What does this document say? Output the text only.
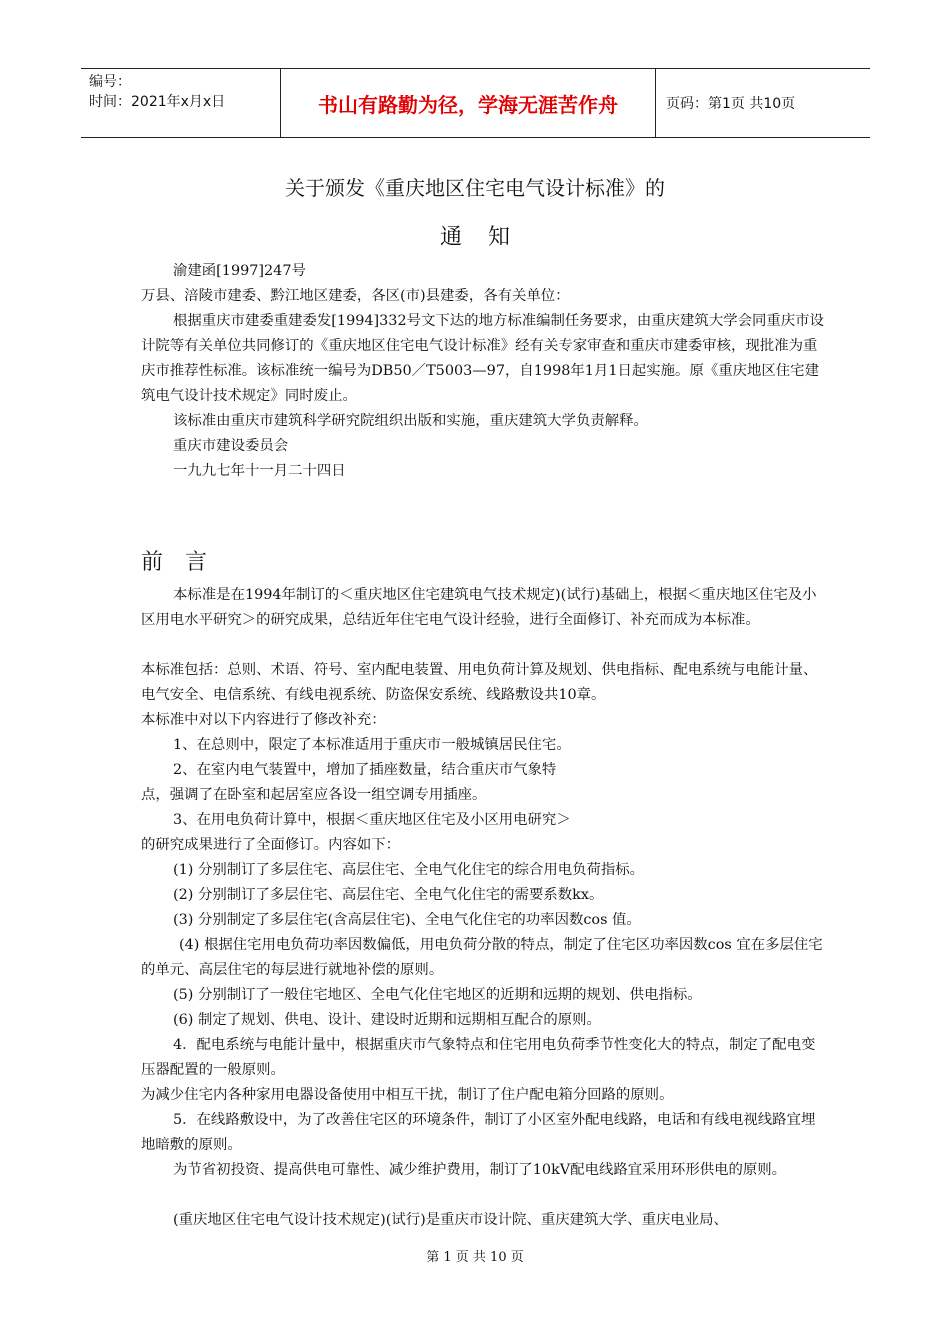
编号：
时间：2021年x月x日	书山有路勤为径，学海无涯苦作舟	页码：第1页 共10页
关于颁发《重庆地区住宅电气设计标准》的
通知

渝建函[1997]247号

万县、涪陵市建委、黔江地区建委，各区(市)县建委，各有关单位：

根据重庆市建委重建委发[1994]332号文下达的地方标准编制任务要求，由重庆建筑大学会同重庆市设计院等有关单位共同修订的《重庆地区住宅电气设计标准》经有关专家审查和重庆市建委审核，现批准为重庆市推荐性标准。该标准统一编号为DB50／T5003—97，自1998年1月1日起实施。原《重庆地区住宅建筑电气设计技术规定》同时废止。

该标准由重庆市建筑科学研究院组织出版和实施，重庆建筑大学负责解释。

重庆市建设委员会

一九九七年十一月二十四日

前言

本标准是在1994年制订的＜重庆地区住宅建筑电气技术规定)(试行)基础上，根据＜重庆地区住宅及小区用电水平研究＞的研究成果，总结近年住宅电气设计经验，进行全面修订、补充而成为本标准。

本标准包括：总则、术语、符号、室内配电装置、用电负荷计算及规划、供电指标、配电系统与电能计量、电气安全、电信系统、有线电视系统、防盗保安系统、线路敷设共10章。

本标准中对以下内容进行了修改补充：

1、在总则中，限定了本标准适用于重庆市一般城镇居民住宅。

2、在室内电气装置中，增加了插座数量，结合重庆市气象特

点，强调了在卧室和起居室应各设一组空调专用插座。

3、在用电负荷计算中，根据＜重庆地区住宅及小区用电研究＞

的研究成果进行了全面修订。内容如下：

(1) 分别制订了多层住宅、高层住宅、全电气化住宅的综合用电负荷指标。

(2) 分别制订了多层住宅、高层住宅、全电气化住宅的需要系数kx。

(3) 分别制定了多层住宅(含高层住宅)、全电气化住宅的功率因数cos 值。

(4) 根据住宅用电负荷功率因数偏低，用电负荷分散的特点，制定了住宅区功率因数cos 宜在多层住宅的单元、高层住宅的每层进行就地补偿的原则。

(5) 分别制订了一般住宅地区、全电气化住宅地区的近期和远期的规划、供电指标。

(6) 制定了规划、供电、设计、建设时近期和远期相互配合的原则。

4．配电系统与电能计量中，根据重庆市气象特点和住宅用电负荷季节性变化大的特点，制定了配电变压器配置的一般原则。

为减少住宅内各种家用电器设备使用中相互干扰，制订了住户配电箱分回路的原则。

5．在线路敷设中，为了改善住宅区的环境条件，制订了小区室外配电线路，电话和有线电视线路宜埋地暗敷的原则。

为节省初投资、提高供电可靠性、减少维护费用，制订了10kV配电线路宜采用环形供电的原则。

(重庆地区住宅电气设计技术规定)(试行)是重庆市设计院、重庆建筑大学、重庆电业局、

第 1 页 共 10 页
